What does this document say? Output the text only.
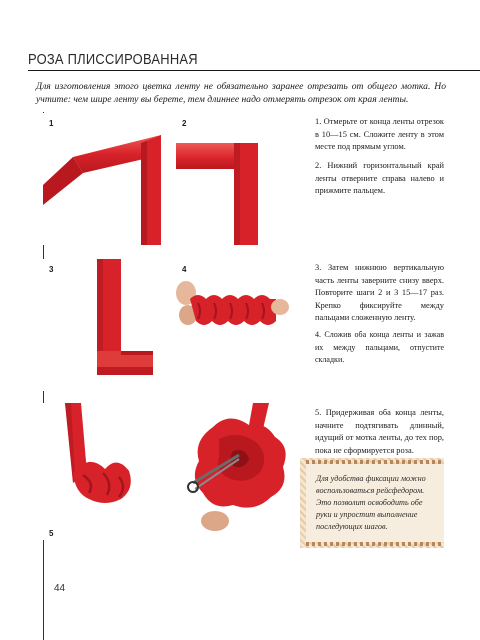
РОЗА ПЛИССИРОВАННАЯ
Для изготовления этого цветка ленту не обязательно заранее отрезать от общего мотка. Но учтите: чем шире ленту вы берете, тем длиннее надо отмерять отрезок от края ленты.
1	2	1. Отмерьте от конца ленты отрезок в 10—15 см. Сложите ленту в этом месте под прямым углом.
2. Нижний горизонтальный край ленты отверните справа налево и прижмите пальцем.
3	4	3. Затем нижнюю вертикальную часть ленты заверните снизу вверх. Повторите шаги 2 и 3 15—17 раз. Крепко фиксируйте между пальцами сложенную ленту.
4. Сложив оба конца ленты и зажав их между пальцами, отпустите складки.
5
5. Придерживая оба конца ленты, начните подтягивать длинный, идущий от мотка ленты, до тех пор, пока не сформируется роза.
Для удобства фиксации можно воспользоваться рейсфедором. Это позволит освободить обе руки и упростит выполнение последующих шагов.
44
